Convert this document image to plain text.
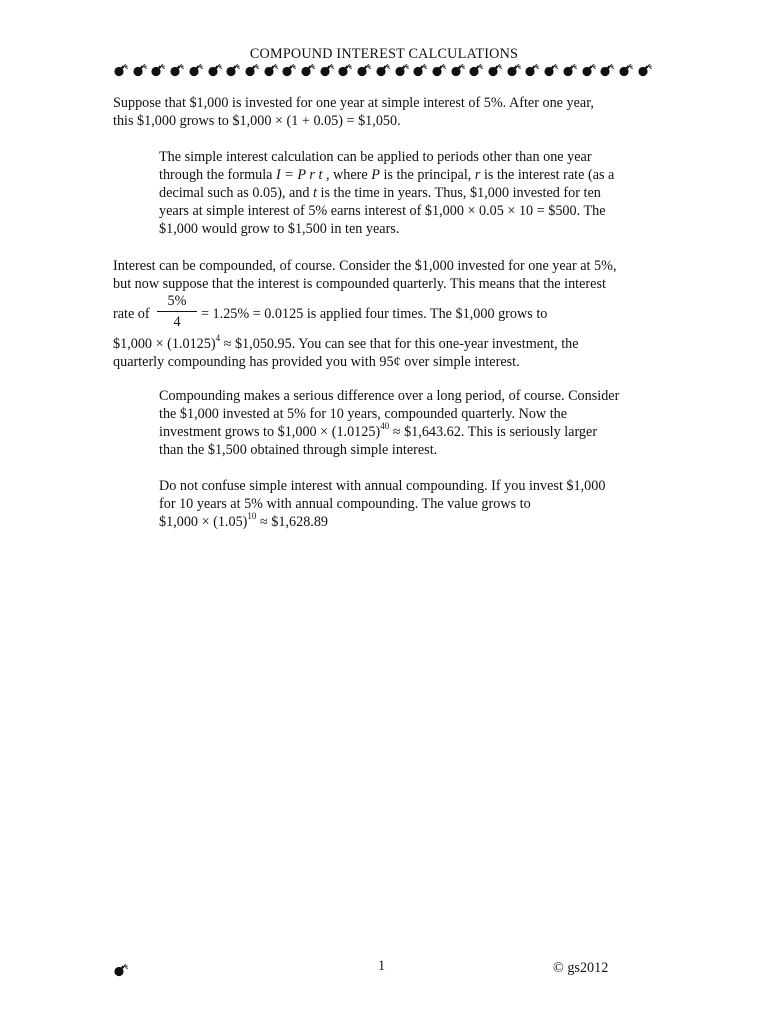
COMPOUND INTEREST CALCULATIONS

Suppose that $1,000 is invested for one year at simple interest of 5%. After one year,
this $1,000 grows to $1,000 × (1 + 0.05) = $1,050.

The simple interest calculation can be applied to periods other than one year
through the formula I = P r t , where P is the principal, r is the interest rate (as a
decimal such as 0.05), and t is the time in years. Thus, $1,000 invested for ten
years at simple interest of 5% earns interest of $1,000 × 0.05 × 10 = $500. The
$1,000 would grow to $1,500 in ten years.

Interest can be compounded, of course. Consider the $1,000 invested for one year at 5%,
but now suppose that the interest is compounded quarterly. This means that the interest
rate of $\frac{5\%}{4} = 1.25\% = 0.0125$ is applied four times. The $1,000 grows to
$1,000 × $(1.0125)^4$ ≈ $1,050.95. You can see that for this one-year investment, the
quarterly compounding has provided you with 95¢ over simple interest.

Compounding makes a serious difference over a long period, of course. Consider
the $1,000 invested at 5% for 10 years, compounded quarterly. Now the
investment grows to $1,000 × $(1.0125)^{40}$ ≈ $1,643.62. This is seriously larger
than the $1,500 obtained through simple interest.

Do not confuse simple interest with annual compounding. If you invest $1,000
for 10 years at 5% with annual compounding. The value grows to
$1,000 × $(1.05)^{10}$ ≈ $1,628.89

1	© gs2012
